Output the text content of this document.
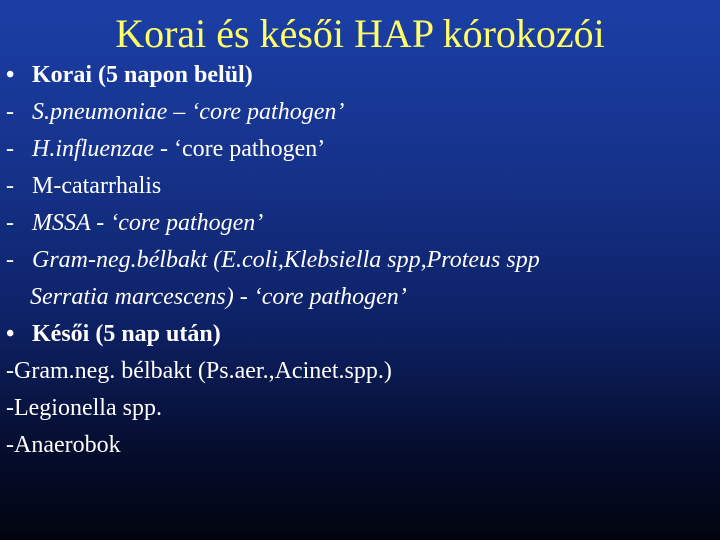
Korai és késői HAP kórokozói
• Korai (5 napon belül)
- S.pneumoniae – ‘core pathogen’
- H.influenzae - ‘core pathogen’
- M-catarrhalis
- MSSA - ‘core pathogen’
- Gram-neg.bélbakt (E.coli,Klebsiella spp,Proteus spp
Serratia marcescens) - ‘core pathogen’
• Késői (5 nap után)
-Gram.neg. bélbakt (Ps.aer.,Acinet.spp.)
-Legionella spp.
-Anaerobok
